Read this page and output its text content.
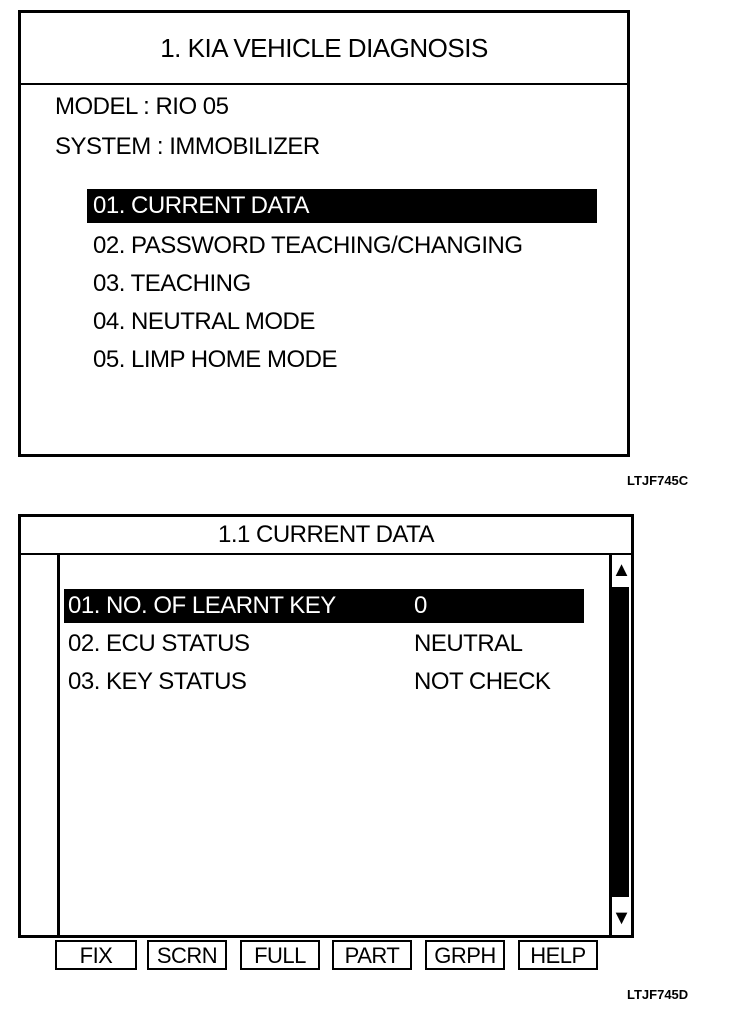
1. KIA VEHICLE DIAGNOSIS
MODEL : RIO 05
SYSTEM : IMMOBILIZER
01. CURRENT DATA
02. PASSWORD TEACHING/CHANGING
03. TEACHING
04. NEUTRAL MODE
05. LIMP HOME MODE
LTJF745C
1.1 CURRENT DATA
01. NO. OF LEARNT KEY	0
02. ECU STATUS	NEUTRAL
03. KEY STATUS	NOT CHECK
▲
▼
FIX	SCRN	FULL	PART	GRPH	HELP
LTJF745D
